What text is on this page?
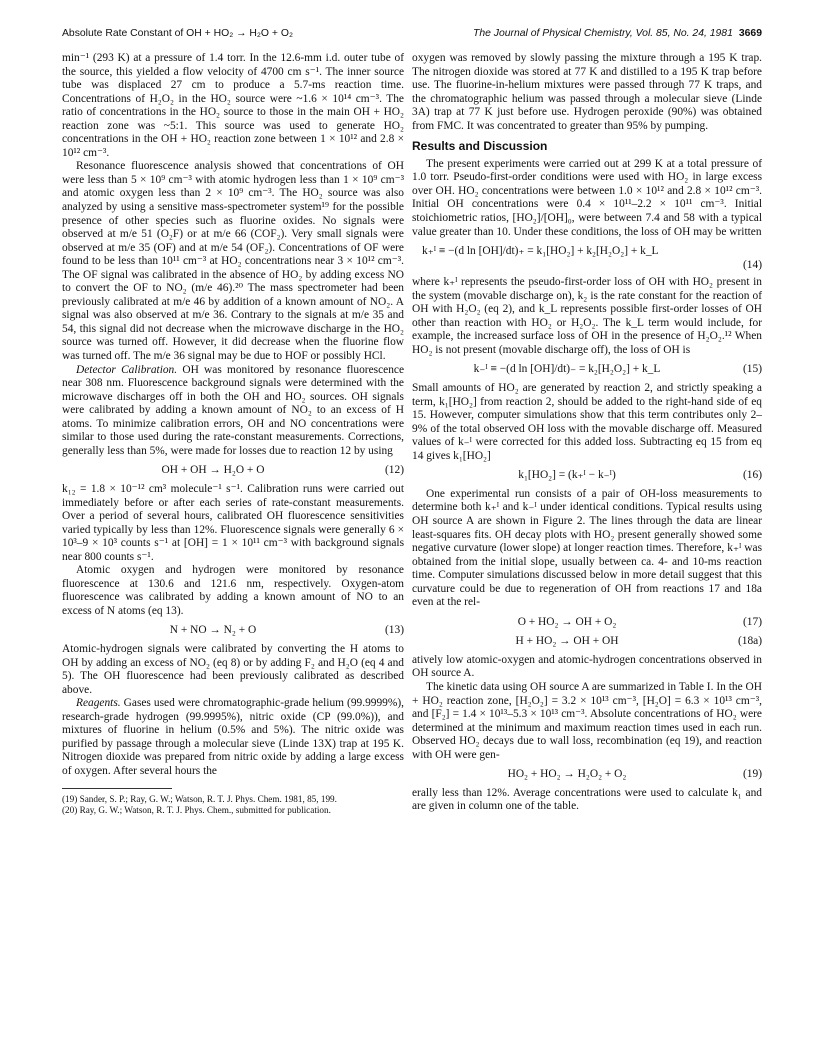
Absolute Rate Constant of OH + HO₂ → H₂O + O₂	The Journal of Physical Chemistry, Vol. 85, No. 24, 1981 3669

min⁻¹ (293 K) at a pressure of 1.4 torr. In the 12.6-mm i.d. outer tube of the source, this yielded a flow velocity of 4700 cm s⁻¹. The inner source tube was displaced 27 cm to produce a 5.7-ms reaction time. Concentrations of H₂O₂ in the HO₂ source were ~1.6 × 10¹⁴ cm⁻³. The ratio of concentrations in the HO₂ source to those in the main OH + HO₂ reaction zone was ~5:1. This source was used to generate HO₂ concentrations in the OH + HO₂ reaction zone between 1 × 10¹² and 2.8 × 10¹² cm⁻³.

Resonance fluorescence analysis showed that concentrations of OH were less than 5 × 10⁹ cm⁻³ with atomic hydrogen less than 1 × 10⁹ cm⁻³ and atomic oxygen less than 2 × 10⁹ cm⁻³. The HO₂ source was also analyzed by using a sensitive mass-spectrometer system¹⁹ for the possible presence of other species such as fluorine oxides. No signals were observed at m/e 51 (O₂F) or at m/e 66 (COF₂). Very small signals were observed at m/e 35 (OF) and at m/e 54 (OF₂). Concentrations of OF were found to be less than 10¹¹ cm⁻³ at HO₂ concentrations near 3 × 10¹² cm⁻³. The OF signal was calibrated in the absence of HO₂ by adding excess NO to convert the OF to NO₂ (m/e 46).²⁰ The mass spectrometer had been previously calibrated at m/e 46 by addition of a known amount of NO₂. A signal was also observed at m/e 36. Contrary to the signals at m/e 35 and 54, this signal did not decrease when the microwave discharge in the HO₂ source was turned off. However, it did decrease when the fluorine flow was turned off. The m/e 36 signal may be due to HOF or possibly HCl.

Detector Calibration. OH was monitored by resonance fluorescence near 308 nm. Fluorescence background signals were determined with the microwave discharges off in both the OH and HO₂ sources. OH signals were calibrated by adding a known amount of NO₂ to an excess of H atoms. To minimize calibration errors, OH and NO concentrations were similar to those used during the rate-constant measurements. Corrections, generally less than 5%, were made for losses due to reaction 12 by using

OH + OH → H₂O + O	(12)

k₁₂ = 1.8 × 10⁻¹² cm³ molecule⁻¹ s⁻¹. Calibration runs were carried out immediately before or after each series of rate-constant measurements. Over a period of several hours, calibrated OH fluorescence sensitivities varied typically by less than 12%. Fluorescence signals were generally 6 × 10³–9 × 10³ counts s⁻¹ at [OH] = 1 × 10¹¹ cm⁻³ with background signals near 800 counts s⁻¹.

Atomic oxygen and hydrogen were monitored by resonance fluorescence at 130.6 and 121.6 nm, respectively. Oxygen-atom fluorescence was calibrated by adding a known amount of NO to an excess of N atoms (eq 13).

N + NO → N₂ + O	(13)

Atomic-hydrogen signals were calibrated by converting the H atoms to OH by adding an excess of NO₂ (eq 8) or by adding F₂ and H₂O (eq 4 and 5). The OH fluorescence had been previously calibrated as described above.

Reagents. Gases used were chromatographic-grade helium (99.9999%), research-grade hydrogen (99.9995%), nitric oxide (CP (99.0%)), and mixtures of fluorine in helium (0.5% and 5%). The nitric oxide was purified by passage through a molecular sieve (Linde 13X) trap at 195 K. Nitrogen dioxide was prepared from nitric oxide by adding a large excess of oxygen. After several hours the

(19) Sander, S. P.; Ray, G. W.; Watson, R. T. J. Phys. Chem. 1981, 85, 199.

(20) Ray, G. W.; Watson, R. T. J. Phys. Chem., submitted for publication.

oxygen was removed by slowly passing the mixture through a 195 K trap. The nitrogen dioxide was stored at 77 K and distilled to a 195 K trap before use. The fluorine-in-helium mixtures were passed through 77 K traps, and the chromatographic helium was passed through a molecular sieve (Linde 3A) trap at 77 K just before use. Hydrogen peroxide (90%) was obtained from FMC. It was concentrated to greater than 95% by pumping.

Results and Discussion

The present experiments were carried out at 299 K at a total pressure of 1.0 torr. Pseudo-first-order conditions were used with HO₂ in large excess over OH. HO₂ concentrations were between 1.0 × 10¹² and 2.8 × 10¹² cm⁻³. Initial OH concentrations were 0.4 × 10¹¹–2.2 × 10¹¹ cm⁻³. Initial stoichiometric ratios, [HO₂]/[OH]₀, were between 7.4 and 58 with a typical value greater than 10. Under these conditions, the loss of OH may be written

k₊ᴵ ≡ −(d ln [OH]/dt)₊ = k₁[HO₂] + k₂[H₂O₂] + k_L
(14)

where k₊ᴵ represents the pseudo-first-order loss of OH with HO₂ present in the system (movable discharge on), k₂ is the rate constant for the reaction of OH with H₂O₂ (eq 2), and k_L represents possible first-order losses of OH other than reaction with HO₂ or H₂O₂. The k_L term would include, for example, the increased surface loss of OH in the presence of H₂O₂.¹² When HO₂ is not present (movable discharge off), the loss of OH is

k₋ᴵ ≡ −(d ln [OH]/dt)₋ = k₂[H₂O₂] + k_L	(15)

Small amounts of HO₂ are generated by reaction 2, and strictly speaking a term, k₁[HO₂] from reaction 2, should be added to the right-hand side of eq 15. However, computer simulations show that this term contributes only 2–9% of the total observed OH loss with the movable discharge off. Measured values of k₋ᴵ were corrected for this added loss. Subtracting eq 15 from eq 14 gives k₁[HO₂]

k₁[HO₂] = (k₊ᴵ − k₋ᴵ)	(16)

One experimental run consists of a pair of OH-loss measurements to determine both k₊ᴵ and k₋ᴵ under identical conditions. Typical results using OH source A are shown in Figure 2. The lines through the data are linear least-squares fits. OH decay plots with HO₂ present generally showed some negative curvature (lower slope) at longer reaction times. Therefore, k₊ᴵ was obtained from the initial slope, usually between ca. 4- and 10-ms reaction time. Computer simulations discussed below in more detail suggest that this curvature could be due to regeneration of OH from reactions 17 and 18a even at the rel-

O + HO₂ → OH + O₂	(17)
H + HO₂ → OH + OH	(18a)

atively low atomic-oxygen and atomic-hydrogen concentrations observed in OH source A.

The kinetic data using OH source A are summarized in Table I. In the OH + HO₂ reaction zone, [H₂O₂] = 3.2 × 10¹³ cm⁻³, [H₂O] = 6.3 × 10¹³ cm⁻³, and [F₂] = 1.4 × 10¹³–5.3 × 10¹³ cm⁻³. Absolute concentrations of HO₂ were determined at the minimum and maximum reaction times used in each run. Observed HO₂ decays due to wall loss, recombination (eq 19), and reaction with OH were gen-

HO₂ + HO₂ → H₂O₂ + O₂	(19)

erally less than 12%. Average concentrations were used to calculate k₁ and are given in column one of the table.
